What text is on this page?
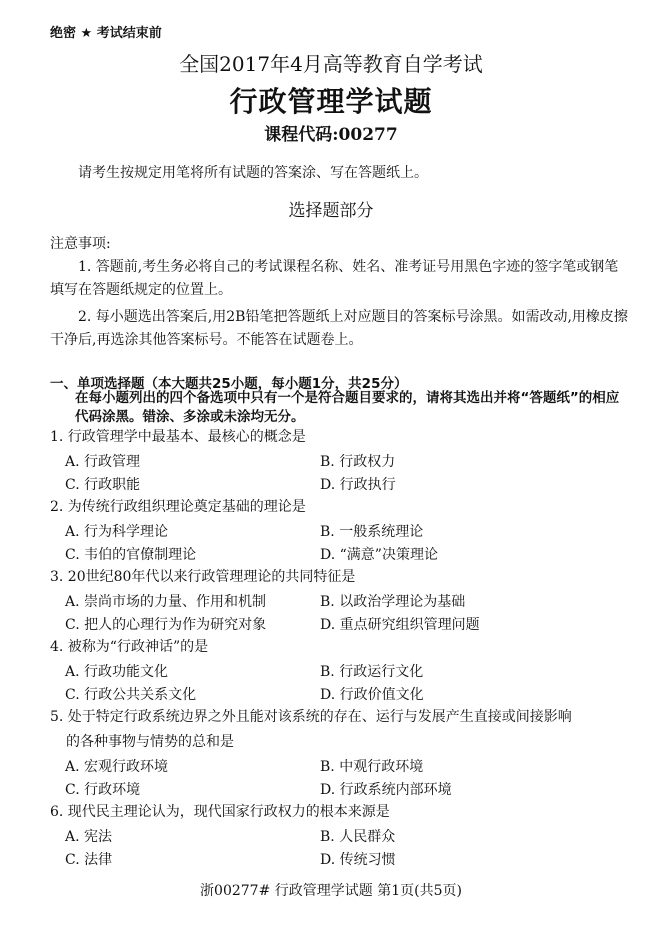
绝密 ★ 考试结束前
全国2017年4月高等教育自学考试
行政管理学试题
课程代码:00277
请考生按规定用笔将所有试题的答案涂、写在答题纸上。
选择题部分
注意事项:
1. 答题前,考生务必将自己的考试课程名称、姓名、准考证号用黑色字迹的签字笔或钢笔填写在答题纸规定的位置上。
2. 每小题选出答案后,用2B铅笔把答题纸上对应题目的答案标号涂黑。如需改动,用橡皮擦干净后,再选涂其他答案标号。不能答在试题卷上。
一、单项选择题（本大题共25小题，每小题1分，共25分）
在每小题列出的四个备选项中只有一个是符合题目要求的，请将其选出并将“答题纸”的相应代码涂黑。错涂、多涂或未涂均无分。
1. 行政管理学中最基本、最核心的概念是
A. 行政管理	B. 行政权力
C. 行政职能	D. 行政执行
2. 为传统行政组织理论奠定基础的理论是
A. 行为科学理论	B. 一般系统理论
C. 韦伯的官僚制理论	D. “满意”决策理论
3. 20世纪80年代以来行政管理理论的共同特征是
A. 崇尚市场的力量、作用和机制	B. 以政治学理论为基础
C. 把人的心理行为作为研究对象	D. 重点研究组织管理问题
4. 被称为“行政神话”的是
A. 行政功能文化	B. 行政运行文化
C. 行政公共关系文化	D. 行政价值文化
5. 处于特定行政系统边界之外且能对该系统的存在、运行与发展产生直接或间接影响
的各种事物与情势的总和是
A. 宏观行政环境	B. 中观行政环境
C. 行政环境	D. 行政系统内部环境
6. 现代民主理论认为，现代国家行政权力的根本来源是
A. 宪法	B. 人民群众
C. 法律	D. 传统习惯
浙00277# 行政管理学试题 第1页(共5页)
